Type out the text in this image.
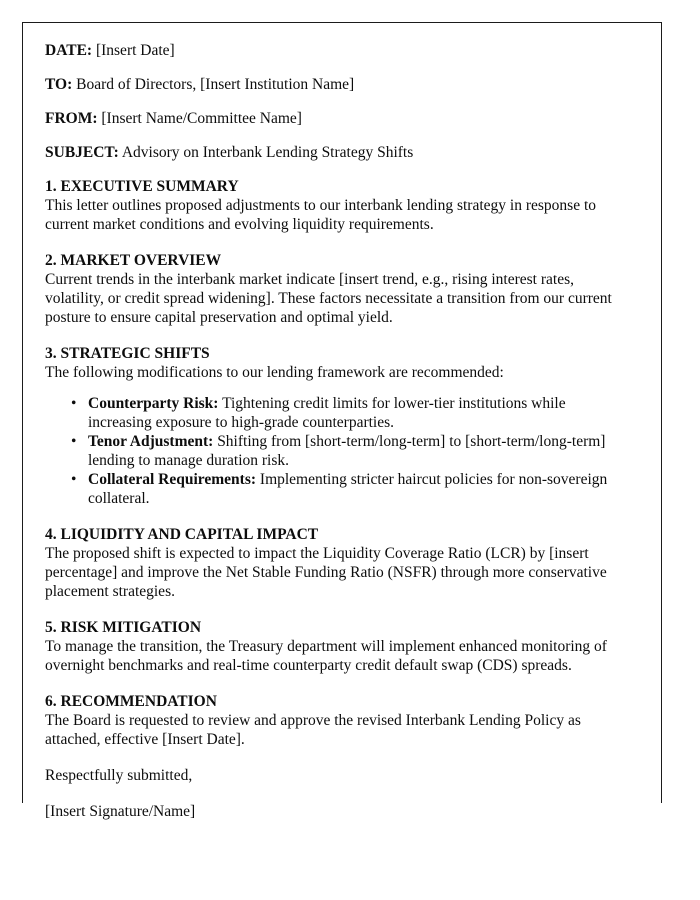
DATE: [Insert Date]

TO: Board of Directors, [Insert Institution Name]

FROM: [Insert Name/Committee Name]

SUBJECT: Advisory on Interbank Lending Strategy Shifts

1. EXECUTIVE SUMMARY

This letter outlines proposed adjustments to our interbank lending strategy in response to current market conditions and evolving liquidity requirements.

2. MARKET OVERVIEW

Current trends in the interbank market indicate [insert trend, e.g., rising interest rates, volatility, or credit spread widening]. These factors necessitate a transition from our current posture to ensure capital preservation and optimal yield.

3. STRATEGIC SHIFTS

The following modifications to our lending framework are recommended:

• Counterparty Risk: Tightening credit limits for lower-tier institutions while increasing exposure to high-grade counterparties.
• Tenor Adjustment: Shifting from [short-term/long-term] to [short-term/long-term] lending to manage duration risk.
• Collateral Requirements: Implementing stricter haircut policies for non-sovereign collateral.

4. LIQUIDITY AND CAPITAL IMPACT

The proposed shift is expected to impact the Liquidity Coverage Ratio (LCR) by [insert percentage] and improve the Net Stable Funding Ratio (NSFR) through more conservative placement strategies.

5. RISK MITIGATION

To manage the transition, the Treasury department will implement enhanced monitoring of overnight benchmarks and real-time counterparty credit default swap (CDS) spreads.

6. RECOMMENDATION

The Board is requested to review and approve the revised Interbank Lending Policy as attached, effective [Insert Date].

Respectfully submitted,

[Insert Signature/Name]
